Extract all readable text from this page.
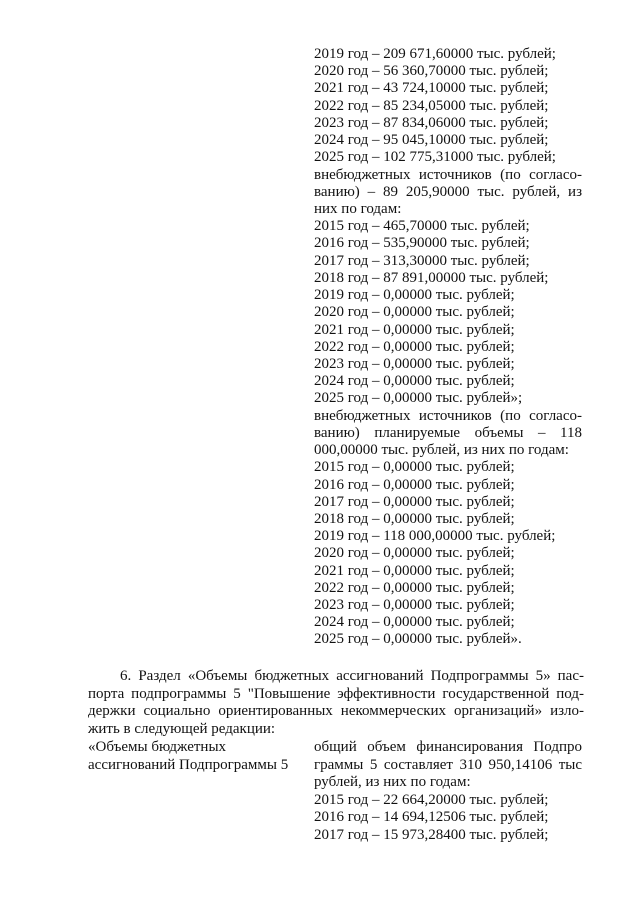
2019 год – 209 671,60000 тыс. рублей;
2020 год – 56 360,70000 тыс. рублей;
2021 год – 43 724,10000 тыс. рублей;
2022 год – 85 234,05000 тыс. рублей;
2023 год – 87 834,06000 тыс. рублей;
2024 год – 95 045,10000 тыс. рублей;
2025 год – 102 775,31000 тыс. рублей;
внебюджетных источников (по согласо-
ванию) – 89 205,90000 тыс. рублей, из
них по годам:
2015 год – 465,70000 тыс. рублей;
2016 год – 535,90000 тыс. рублей;
2017 год – 313,30000 тыс. рублей;
2018 год – 87 891,00000 тыс. рублей;
2019 год – 0,00000 тыс. рублей;
2020 год – 0,00000 тыс. рублей;
2021 год – 0,00000 тыс. рублей;
2022 год – 0,00000 тыс. рублей;
2023 год – 0,00000 тыс. рублей;
2024 год – 0,00000 тыс. рублей;
2025 год – 0,00000 тыс. рублей»;
внебюджетных источников (по согласо-
ванию) планируемые объемы – 118
000,00000 тыс. рублей, из них по годам:
2015 год – 0,00000 тыс. рублей;
2016 год – 0,00000 тыс. рублей;
2017 год – 0,00000 тыс. рублей;
2018 год – 0,00000 тыс. рублей;
2019 год – 118 000,00000 тыс. рублей;
2020 год – 0,00000 тыс. рублей;
2021 год – 0,00000 тыс. рублей;
2022 год – 0,00000 тыс. рублей;
2023 год – 0,00000 тыс. рублей;
2024 год – 0,00000 тыс. рублей;
2025 год – 0,00000 тыс. рублей».
6. Раздел «Объемы бюджетных ассигнований Подпрограммы 5» пас-
порта подпрограммы 5 "Повышение эффективности государственной под-
держки социально ориентированных некоммерческих организаций» изло-
жить в следующей редакции:
«Объемы бюджетных
ассигнований Подпрограммы 5
общий объем финансирования Подпро
граммы 5 составляет 310 950,14106 тыс
рублей, из них по годам:
2015 год – 22 664,20000 тыс. рублей;
2016 год – 14 694,12506 тыс. рублей;
2017 год – 15 973,28400 тыс. рублей;
